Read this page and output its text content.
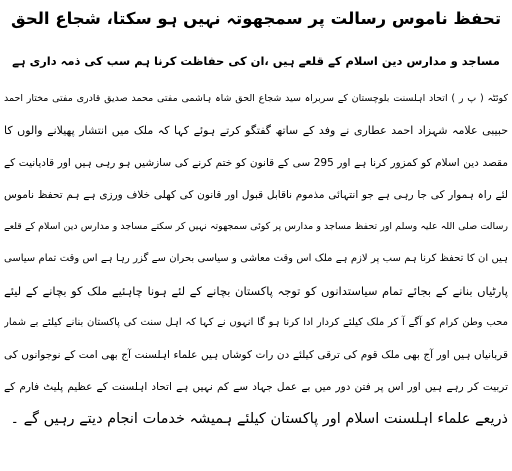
تحفظ ناموس رسالت پر سمجھوتہ نہیں ہو سکتا، شجاع الحق
مساجد و مدارس دین اسلام کے قلعے ہیں ،ان کی حفاظت کرنا ہم سب کی ذمہ داری ہے
کوئٹہ ( پ ر ) اتحاد اہلسنت بلوچستان کے سربراہ سید شجاع الحق شاہ ہاشمی مفتی محمد صدیق قادری مفتی مختار احمد
حبیبی علامہ شہزاد احمد عطاری نے وفد کے ساتھ گفتگو کرتے ہوئے کہا کہ ملک میں انتشار پھیلانے والوں کا
مقصد دین اسلام کو کمزور کرنا ہے اور 295 سی کے قانون کو ختم کرنے کی سازشیں ہو رہی ہیں اور قادیانیت کے
لئے راہ ہموار کی جا رہی ہے جو انتہائی مذموم ناقابل قبول اور قانون کی کھلی خلاف ورزی ہے ہم تحفظ ناموس
رسالت صلی اللہ علیہ وسلم اور تحفظ مساجد و مدارس پر کوئی سمجھوتہ نہیں کر سکتے مساجد و مدارس دین اسلام کے قلعے
ہیں ان کا تحفظ کرنا ہم سب پر لازم ہے ملک اس وقت معاشی و سیاسی بحران سے گزر رہا ہے اس وقت تمام سیاسی
پارٹیاں بنانے کے بجائے تمام سیاستدانوں کو توجہ پاکستان بچانے کے لئے ہونا چاہئیے ملک کو بچانے کے لیئے
محب وطن کرام کو آگے آ کر ملک کیلئے کردار ادا کرنا ہو گا انہوں نے کہا کہ اہل سنت کی پاکستان بنانے کیلئے بے شمار
قربانیاں ہیں اور آج بھی ملک قوم کی ترقی کیلئے دن رات کوشاں ہیں علماء اہلسنت آج بھی امت کے نوجوانوں کی
تربیت کر رہے ہیں اور اس پر فتن دور میں بے عمل جہاد سے کم نہیں ہے اتحاد اہلسنت کے عظیم پلیٹ فارم کے
ذریعے علماء اہلسنت اسلام اور پاکستان کیلئے ہمیشہ خدمات انجام دیتے رہیں گے ۔
